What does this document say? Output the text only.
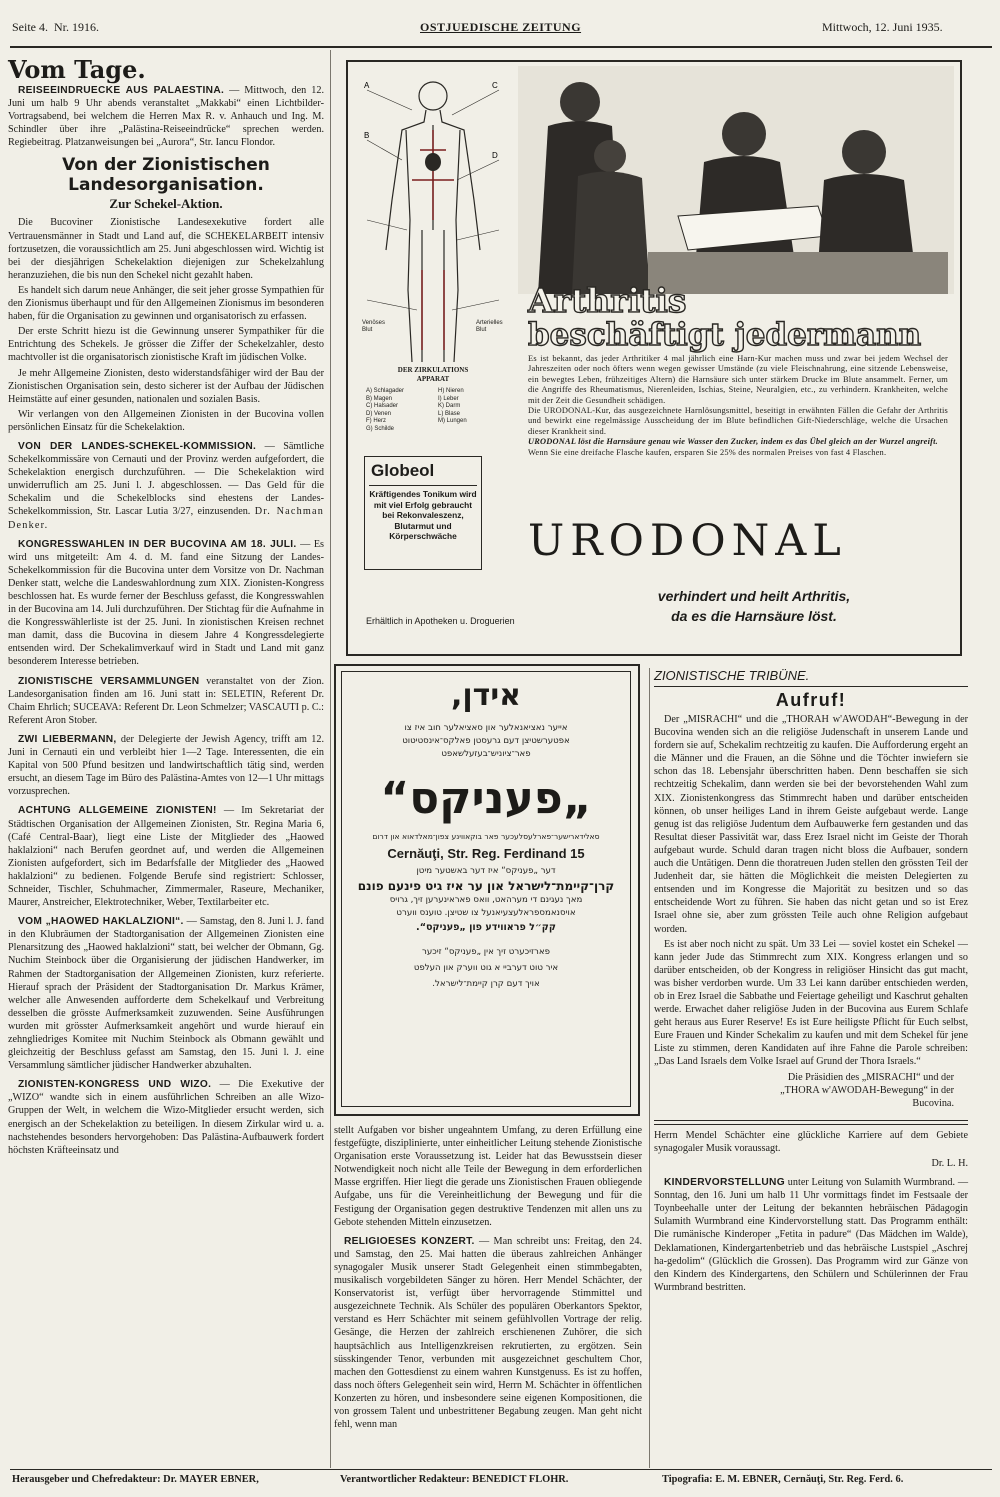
Seite 4. Nr. 1916.	OSTJUEDISCHE ZEITUNG	Mittwoch, 12. Juni 1935.
Vom Tage.

REISEEINDRUECKE AUS PALAESTINA. — Mittwoch, den 12. Juni um halb 9 Uhr abends veranstaltet „Makkabi“ einen Lichtbilder-Vortragsabend, bei welchem die Herren Max R. v. Anhauch und Ing. M. Schindler über ihre „Palästina-Reiseeindrücke“ sprechen werden. Regiebeitrag. Platzanweisungen bei „Aurora“, Str. Iancu Flondor.

Von der Zionistischen
Landesorganisation.
Zur Schekel-Aktion.

Die Bucoviner Zionistische Landesexekutive fordert alle Vertrauensmänner in Stadt und Land auf, die SCHEKELARBEIT intensiv fortzusetzen, die voraussichtlich am 25. Juni abgeschlossen wird. Wichtig ist bei der diesjährigen Schekelaktion diejenigen zur Schekelzahlung heranzuziehen, die bis nun den Schekel nicht gezahlt haben.

Es handelt sich darum neue Anhänger, die seit jeher grosse Sympathien für den Zionismus überhaupt und für den Allgemeinen Zionismus im besonderen haben, für die Organisation zu gewinnen und organisatorisch zu erfassen.

Der erste Schritt hiezu ist die Gewinnung unserer Sympathiker für die Entrichtung des Schekels. Je grösser die Ziffer der Schekelzahler, desto machtvoller ist die organisatorisch zionistische Kraft im jüdischen Volke.

Je mehr Allgemeine Zionisten, desto widerstandsfähiger wird der Bau der Zionistischen Organisation sein, desto sicherer ist der Aufbau der Jüdischen Heimstätte auf einer gesunden, nationalen und sozialen Basis.

Wir verlangen von den Allgemeinen Zionisten in der Bucovina vollen persönlichen Einsatz für die Schekelaktion.

VON DER LANDES-SCHEKEL-KOMMISSION. — Sämtliche Schekelkommissäre von Cernauti und der Provinz werden aufgefordert, die Schekelaktion energisch durchzuführen. — Die Schekelaktion wird unwiderruflich am 25. Juni l. J. abgeschlossen. — Das Geld für die Schekalim und die Schekelblocks sind ehestens der Landes-Schekelkommission, Str. Lascar Lutia 3/27, einzusenden. Dr. Nachman Denker.

KONGRESSWAHLEN IN DER BUCOVINA AM 18. JULI. — Es wird uns mitgeteilt: Am 4. d. M. fand eine Sitzung der Landes-Schekelkommission für die Bucovina unter dem Vorsitze von Dr. Nachman Denker statt, welche die Landeswahlordnung zum XIX. Zionisten-Kongress beschlossen hat. Es wurde ferner der Beschluss gefasst, die Kongresswahlen in der Bucovina am 14. Juli durchzuführen. Der Stichtag für die Aufnahme in die Kongresswählerliste ist der 25. Juni. In zionistischen Kreisen rechnet man damit, dass die Bucovina in diesem Jahre 4 Kongressdelegierte entsenden wird. Der Schekalimverkauf wird in Stadt und Land mit ganz besonderem Interesse betrieben.

ZIONISTISCHE VERSAMMLUNGEN veranstaltet von der Zion. Landesorganisation finden am 16. Juni statt in: SELETIN, Referent Dr. Chaim Ehrlich; SUCEAVA: Referent Dr. Leon Schmelzer; VASCAUTI p. C.: Referent Aron Stober.

ZWI LIEBERMANN, der Delegierte der Jewish Agency, trifft am 12. Juni in Cernauti ein und verbleibt hier 1—2 Tage. Interessenten, die ein Kapital von 500 Pfund besitzen und landwirtschaftlich tätig sind, werden ersucht, an diesem Tage im Büro des Palästina-Amtes von 12—1 Uhr mittags vorzusprechen.

ACHTUNG ALLGEMEINE ZIONISTEN! — Im Sekretariat der Städtischen Organisation der Allgemeinen Zionisten, Str. Regina Maria 6, (Café Central-Baar), liegt eine Liste der Mitglieder des „Haowed haklalzioni“ nach Berufen geordnet auf, und werden die Allgemeinen Zionisten aufgefordert, sich im Bedarfsfalle der Mitglieder des „Haowed haklalzioni“ zu bedienen. Folgende Berufe sind registriert: Schlosser, Schneider, Tischler, Schuhmacher, Zimmermaler, Raseure, Mechaniker, Maurer, Anstreicher, Elektrotechniker, Weber, Textilarbeiter etc.

VOM „HAOWED HAKLALZIONI“. — Samstag, den 8. Juni l. J. fand in den Klubräumen der Stadtorganisation der Allgemeinen Zionisten eine Plenarsitzung des „Haowed haklalzioni“ statt, bei welcher der Obmann, Gg. Nuchim Steinbock über die Organisierung der jüdischen Handwerker, im Rahmen der Stadtorganisation der Allgemeinen Zionisten, kurz referierte. Hierauf sprach der Präsident der Stadtorganisation Dr. Markus Krämer, welcher alle Anwesenden aufforderte dem Schekelkauf und Verbreitung desselben die grösste Aufmerksamkeit zuzuwenden. Seine Ausführungen wurden mit grösster Aufmerksamkeit angehört und wurde hierauf ein zehngliedriges Komitee mit Nuchim Steinbock als Obmann gewählt und gleichzeitig der Beschluss gefasst am Samstag, den 15. Juni l. J. eine Versammlung sämtlicher jüdischer Handwerker abzuhalten.

ZIONISTEN-KONGRESS UND WIZO. — Die Exekutive der „WIZO“ wandte sich in einem ausführlichen Schreiben an alle Wizo-Gruppen der Welt, in welchem die Wizo-Mitglieder ersucht werden, sich energisch an der Schekelaktion zu beteiligen. In diesem Zirkular wird u. a. nachstehendes besonders hervorgehoben: Das Palästina-Aufbauwerk fordert höchsten Kräfteeinsatz und

A	C
B
D
Venöses Blut
Arterielles Blut
DER ZIRKULATIONS
APPARAT
A) Schlagader
B) Magen
C) Halsader
D) Venen
F) Herz
G) Schilde
H) Nieren
I) Leber
K) Darm
L) Blase
M) Lungen
Arthritis
beschäftigt jedermann
Es ist bekannt, das jeder Arthritiker 4 mal jährlich eine Harn-Kur machen muss und zwar bei jedem Wechsel der Jahreszeiten oder noch öfters wenn wegen gewisser Umstände (zu viele Fleischnahrung, eine sitzende Lebensweise, ein bewegtes Leben, frühzeitiges Altern) die Harnsäure sich unter stärkem Drucke im Blute ansammelt. Ferner, um die Angriffe des Rheumatismus, Nierenleiden, Ischias, Steine, Neuralgien, etc., zu verhindern. Krankheiten, welche mit der Zeit die Gesundheit schädigen.
Die URODONAL-Kur, das ausgezeichnete Harnlösungsmittel, beseitigt in erwähnten Fällen die Gefahr der Arthritis und bewirkt eine regelmässige Ausscheidung der im Blute befindlichen Gift-Niederschläge, welche die Ursachen dieser Krankheit sind.
URODONAL löst die Harnsäure genau wie Wasser den Zucker, indem es das Übel gleich an der Wurzel angreift.
Wenn Sie eine dreifache Flasche kaufen, ersparen Sie 25% des normalen Preises von fast 4 Flaschen.
Globeol
Kräftigendes Tonikum wird mit viel Erfolg gebraucht bei Rekonvaleszenz, Blutarmut und Körperschwäche	URODONAL
verhindert und heilt Arthritis,
da es die Harnsäure löst.
Erhältlich in Apotheken u. Droguerien
אידן,
אייער נאציאנאלער און סאציאלער חוב איז צו
אפטערשטיצן דעם גרעסטן פאלקס־אינסטיטוט
פאר־ציוניש־בעזעלשאפט
„פעניקס“
סאלידארישער־פארלעסלעכער פאר בוקאווינע צפון־מאלדאוא און דרום
Cernăuţi, Str. Reg. Ferdinand 15
דער „פעניקס“ איז דער באשטער מיטן
קרן־קיימת־לישראל און ער איז גיט פינעם פונם
מאך נעגינם די מערהאט, וואס פאראינערען זיך, גרויס
אויסנאמספראלעצעיאנעל צו שטיצן. טוענס ווערט
קק״ל פראווידע פון „פעניקס“.
פארזיכערט זיך אין „פעניקס“ זיכער
איר טוט דערביי א גוט ווערק און העלפט
אויך דעם קרן קיימת־לישראל.

stellt Aufgaben vor bisher ungeahntem Umfang, zu deren Erfüllung eine festgefügte, disziplinierte, unter einheitlicher Leitung stehende Zionistische Organisation erste Voraussetzung ist. Leider hat das Bewusstsein dieser Notwendigkeit noch nicht alle Teile der Bewegung in dem erforderlichen Masse ergriffen. Hier liegt die gerade uns Zionistischen Frauen obliegende Aufgabe, uns für die Vereinheitlichung der Bewegung und für die Festigung der Organisation gegen destruktive Tendenzen mit allen uns zu Gebote stehenden Mitteln einzusetzen.

RELIGIOESES KONZERT. — Man schreibt uns: Freitag, den 24. und Samstag, den 25. Mai hatten die überaus zahlreichen Anhänger synagogaler Musik unserer Stadt Gelegenheit einen stimmbegabten, musikalisch vorgebildeten Sänger zu hören. Herr Mendel Schächter, der Konservatorist ist, verfügt über hervorragende Stimmittel und ausgezeichnete Technik. Als Schüler des populären Oberkantors Spektor, verstand es Herr Schächter mit seinem gefühlvollen Vortrage der relig. Gesänge, die Herzen der zahlreich erschienenen Zuhörer, die sich hauptsächlich aus Intelligenzkreisen rekrutierten, zu ergötzen. Sein süsskingender Tenor, verbunden mit ausgezeichnet geschultem Chor, machen den Gottesdienst zu einem wahren Kunstgenuss. Es ist zu hoffen, dass noch öfters Gelegenheit sein wird, Herrn M. Schächter in öffentlichen Konzerten zu hören, und insbesondere seine eigenen Kompositionen, die von grossem Talent und unbestrittener Begabung zeugen. Man geht nicht fehl, wenn man

ZIONISTISCHE TRIBÜNE.
Aufruf!

Der „MISRACHI“ und die „THORAH w'AWODAH“-Bewegung in der Bucovina wenden sich an die religiöse Judenschaft in unserem Lande und fordern sie auf, Schekalim rechtzeitig zu kaufen. Die Aufforderung ergeht an die Männer und die Frauen, an die Söhne und die Töchter inwiefern sie schon das 18. Lebensjahr überschritten haben. Denn beschaffen sie sich rechtzeitig Schekalim, dann werden sie bei der bevorstehenden Wahl zum XIX. Zionistenkongress das Stimmrecht haben und darüber entscheiden können, ob unser heiliges Land in ihrem Geiste aufgebaut werde. Lange genug ist das religiöse Judentum dem Aufbauwerke fern gestanden und das Resultat dieser Passivität war, dass Erez Israel nicht im Geiste der Thorah aufgebaut wurde. Schuld daran tragen nicht bloss die Aufbauer, sondern auch die Untätigen. Denn die thoratreuen Juden stellen den grössten Teil der Judenheit dar, sie hätten die Möglichkeit die meisten Delegierten zu entsenden und im Kongresse die Majorität zu besitzen und so das entscheidende Wort zu führen. Sie haben das nicht getan und so ist Erez Israel ohne sie, aber zum grössten Teile auch ohne Religion aufgebaut worden.

Es ist aber noch nicht zu spät. Um 33 Lei — soviel kostet ein Schekel — kann jeder Jude das Stimmrecht zum XIX. Kongress erlangen und so darüber entscheiden, ob der Kongress in religiöser Hinsicht das gut macht, was bisher verdorben wurde. Um 33 Lei kann darüber entschieden werden, ob in Erez Israel die Sabbathe und Feiertage geheiligt und Kaschrut gehalten werde. Erwachet daher religiöse Juden in der Bucovina aus Eurem Schlafe geht heraus aus Eurer Reserve! Es ist Eure heiligste Pflicht für Euch selbst, Eure Frauen und Kinder Schekalim zu kaufen und mit dem Schekel für jene Liste zu stimmen, deren Kandidaten auf ihre Fahne die Parole schreiben: „Das Land Israels dem Volke Israel auf Grund der Thora Israels.“

Die Präsidien des „MISRACHI“ und der
„THORA w'AWODAH-Bewegung“ in der
Bucovina.

Herrn Mendel Schächter eine glückliche Karriere auf dem Gebiete synagogaler Musik voraussagt.

Dr. L. H.

KINDERVORSTELLUNG unter Leitung von Sulamith Wurmbrand. — Sonntag, den 16. Juni um halb 11 Uhr vormittags findet im Festsaale der Toynbeehalle unter der Leitung der bekannten hebräischen Pädagogin Sulamith Wurmbrand eine Kindervorstellung statt. Das Programm enthält: Die rumänische Kinderoper „Fetita in padure“ (Das Mädchen im Walde), Deklamationen, Kindergartenbetrieb und das hebräische Lustspiel „Aschrej ha-gedolim“ (Glücklich die Grossen). Das Programm wird zur Gänze von den Kindern des Kindergartens, den Schülern und Schülerinnen der Frau Wurmbrand bestritten.

Herausgeber und Chefredakteur: Dr. MAYER EBNER,	Verantwortlicher Redakteur: BENEDICT FLOHR.	Tipografia: E. M. EBNER, Cernăuţi, Str. Reg. Ferd. 6.
